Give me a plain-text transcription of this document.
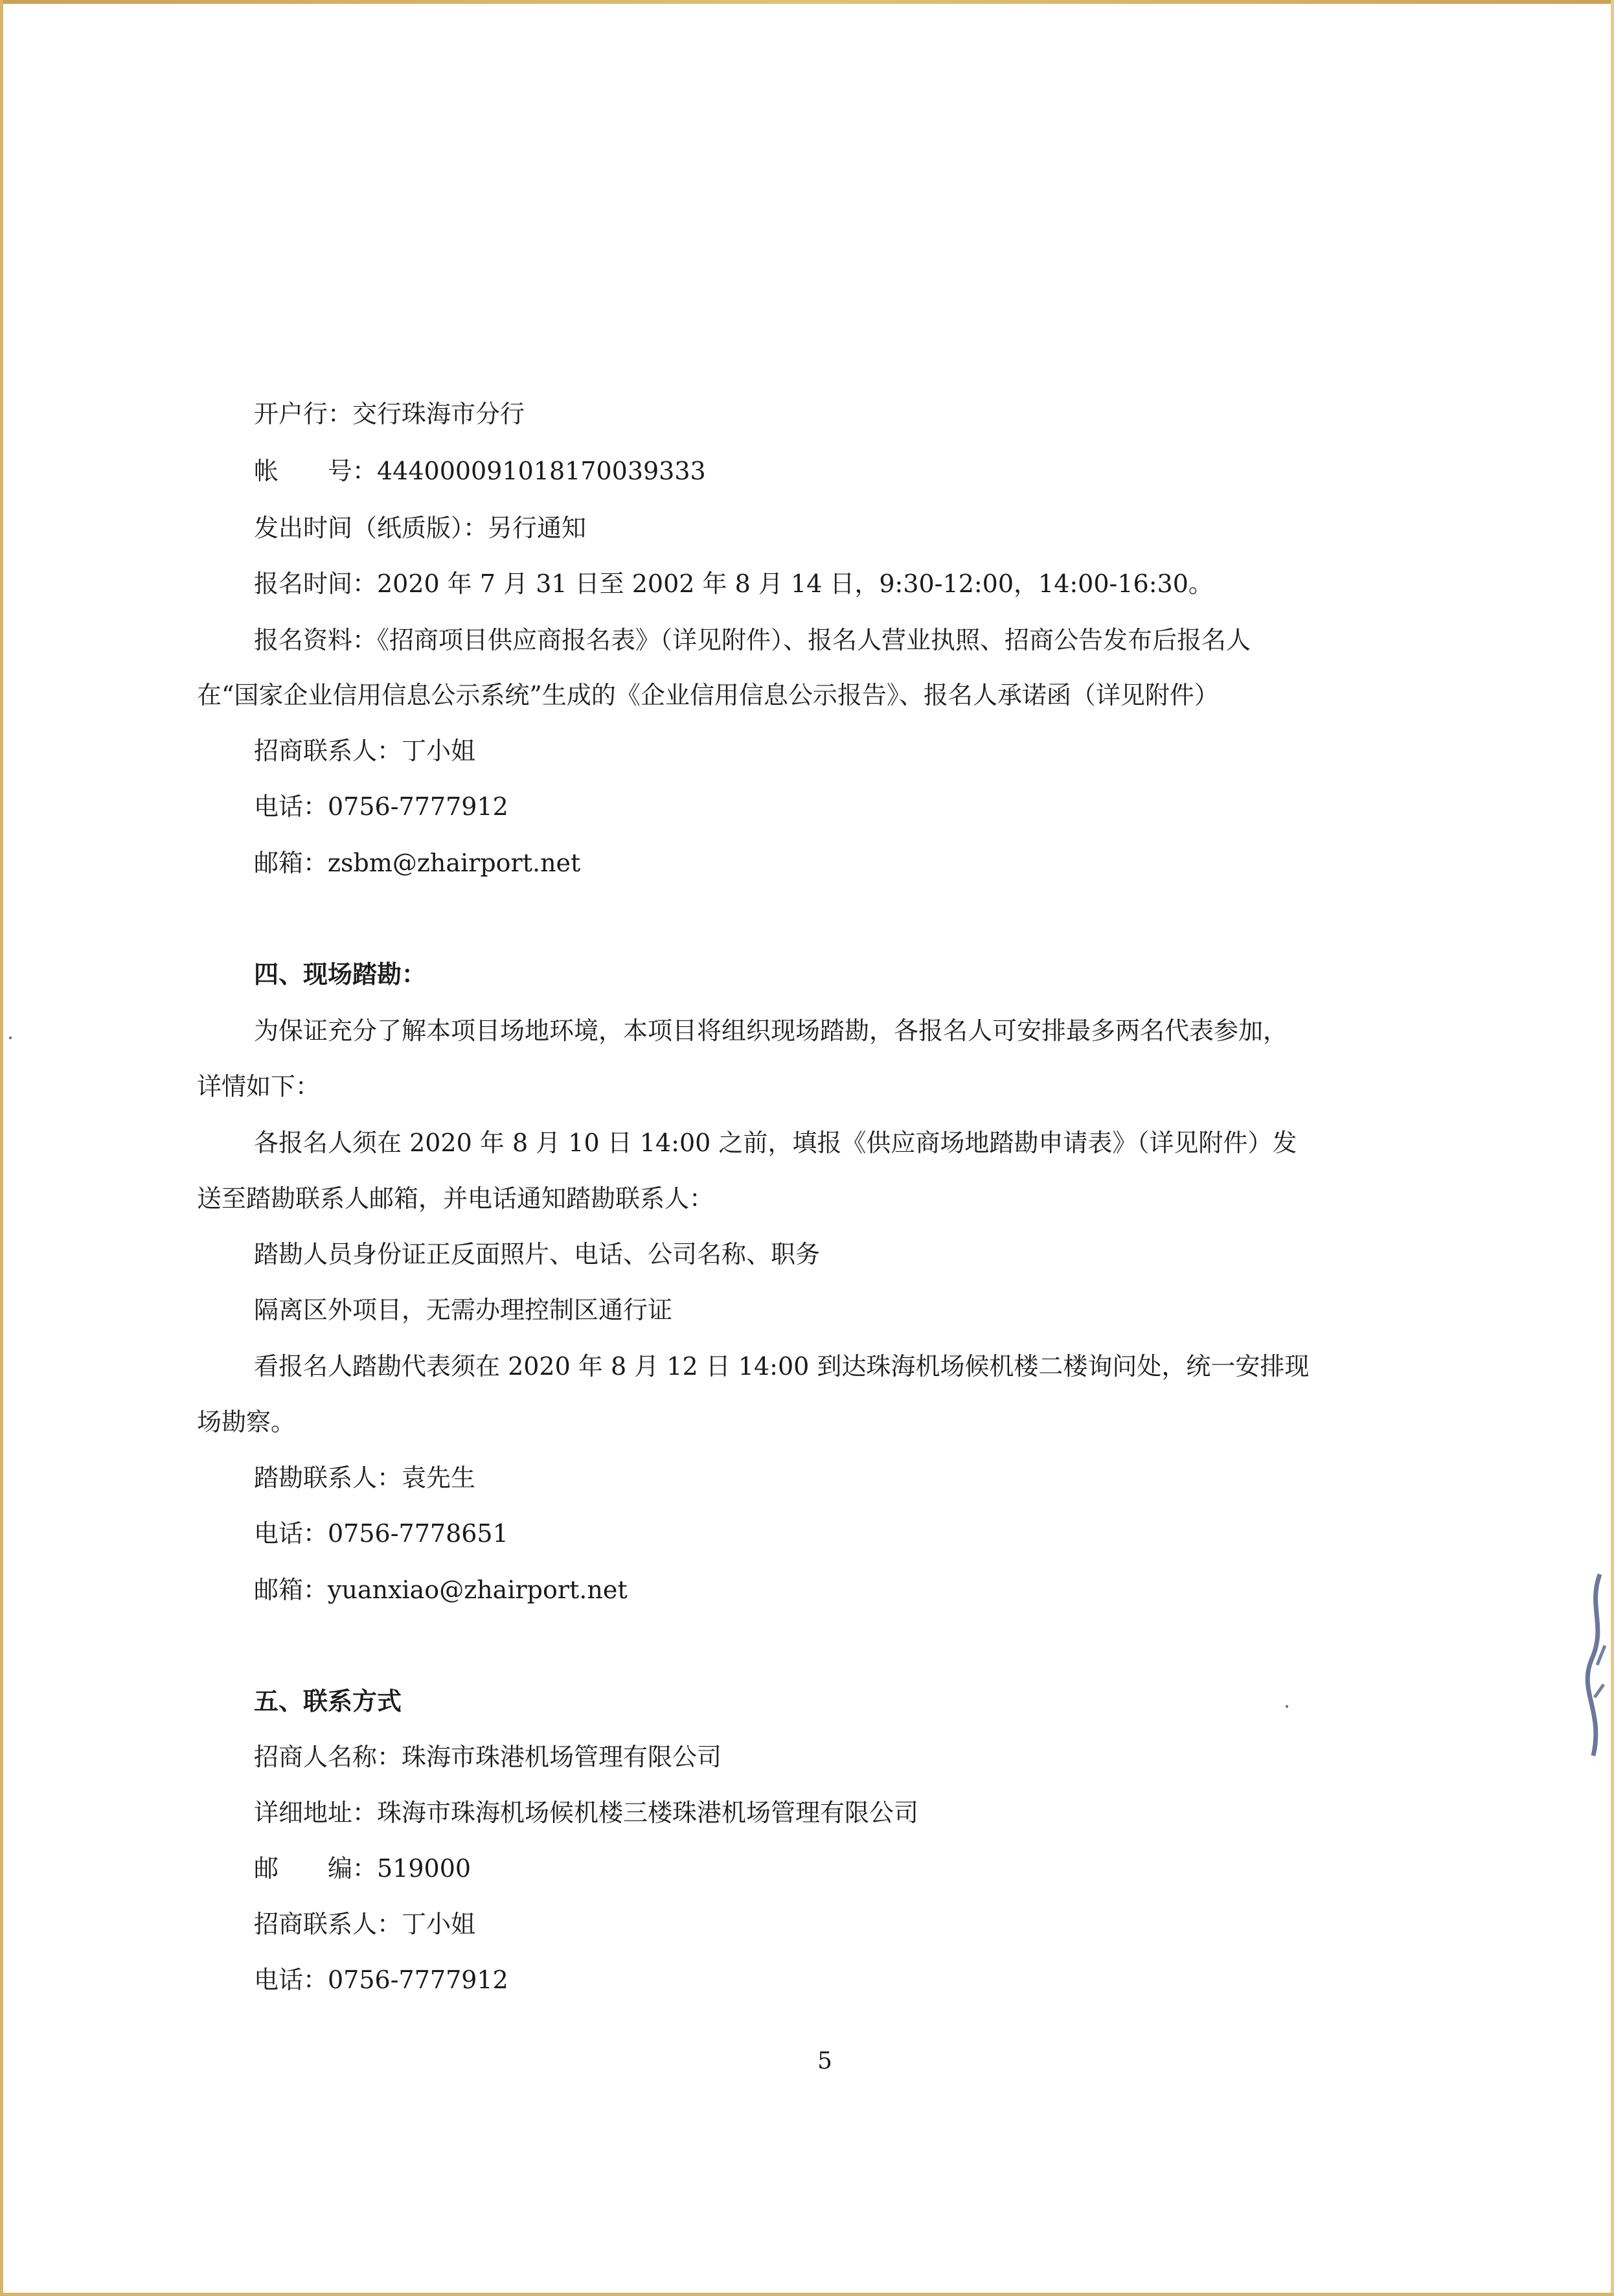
开户行：交行珠海市分行
帐　　号：444000091018170039333
发出时间（纸质版）：另行通知
报名时间：2020 年 7 月 31 日至 2002 年 8 月 14 日，9:30-12:00，14:00-16:30。
报名资料：《招商项目供应商报名表》（详见附件）、报名人营业执照、招商公告发布后报名人
在“国家企业信用信息公示系统”生成的《企业信用信息公示报告》、报名人承诺函（详见附件）
招商联系人：丁小姐
电话：0756-7777912
邮箱：zsbm@zhairport.net
四、现场踏勘：
为保证充分了解本项目场地环境，本项目将组织现场踏勘，各报名人可安排最多两名代表参加，
详情如下：
各报名人须在 2020 年 8 月 10 日 14:00 之前，填报《供应商场地踏勘申请表》（详见附件）发
送至踏勘联系人邮箱，并电话通知踏勘联系人：
踏勘人员身份证正反面照片、电话、公司名称、职务
隔离区外项目，无需办理控制区通行证
看报名人踏勘代表须在 2020 年 8 月 12 日 14:00 到达珠海机场候机楼二楼询问处，统一安排现
场勘察。
踏勘联系人：袁先生
电话：0756-7778651
邮箱：yuanxiao@zhairport.net
五、联系方式
招商人名称：珠海市珠港机场管理有限公司
详细地址：珠海市珠海机场候机楼三楼珠港机场管理有限公司
邮　　编：519000
招商联系人：丁小姐
电话：0756-7777912
5
